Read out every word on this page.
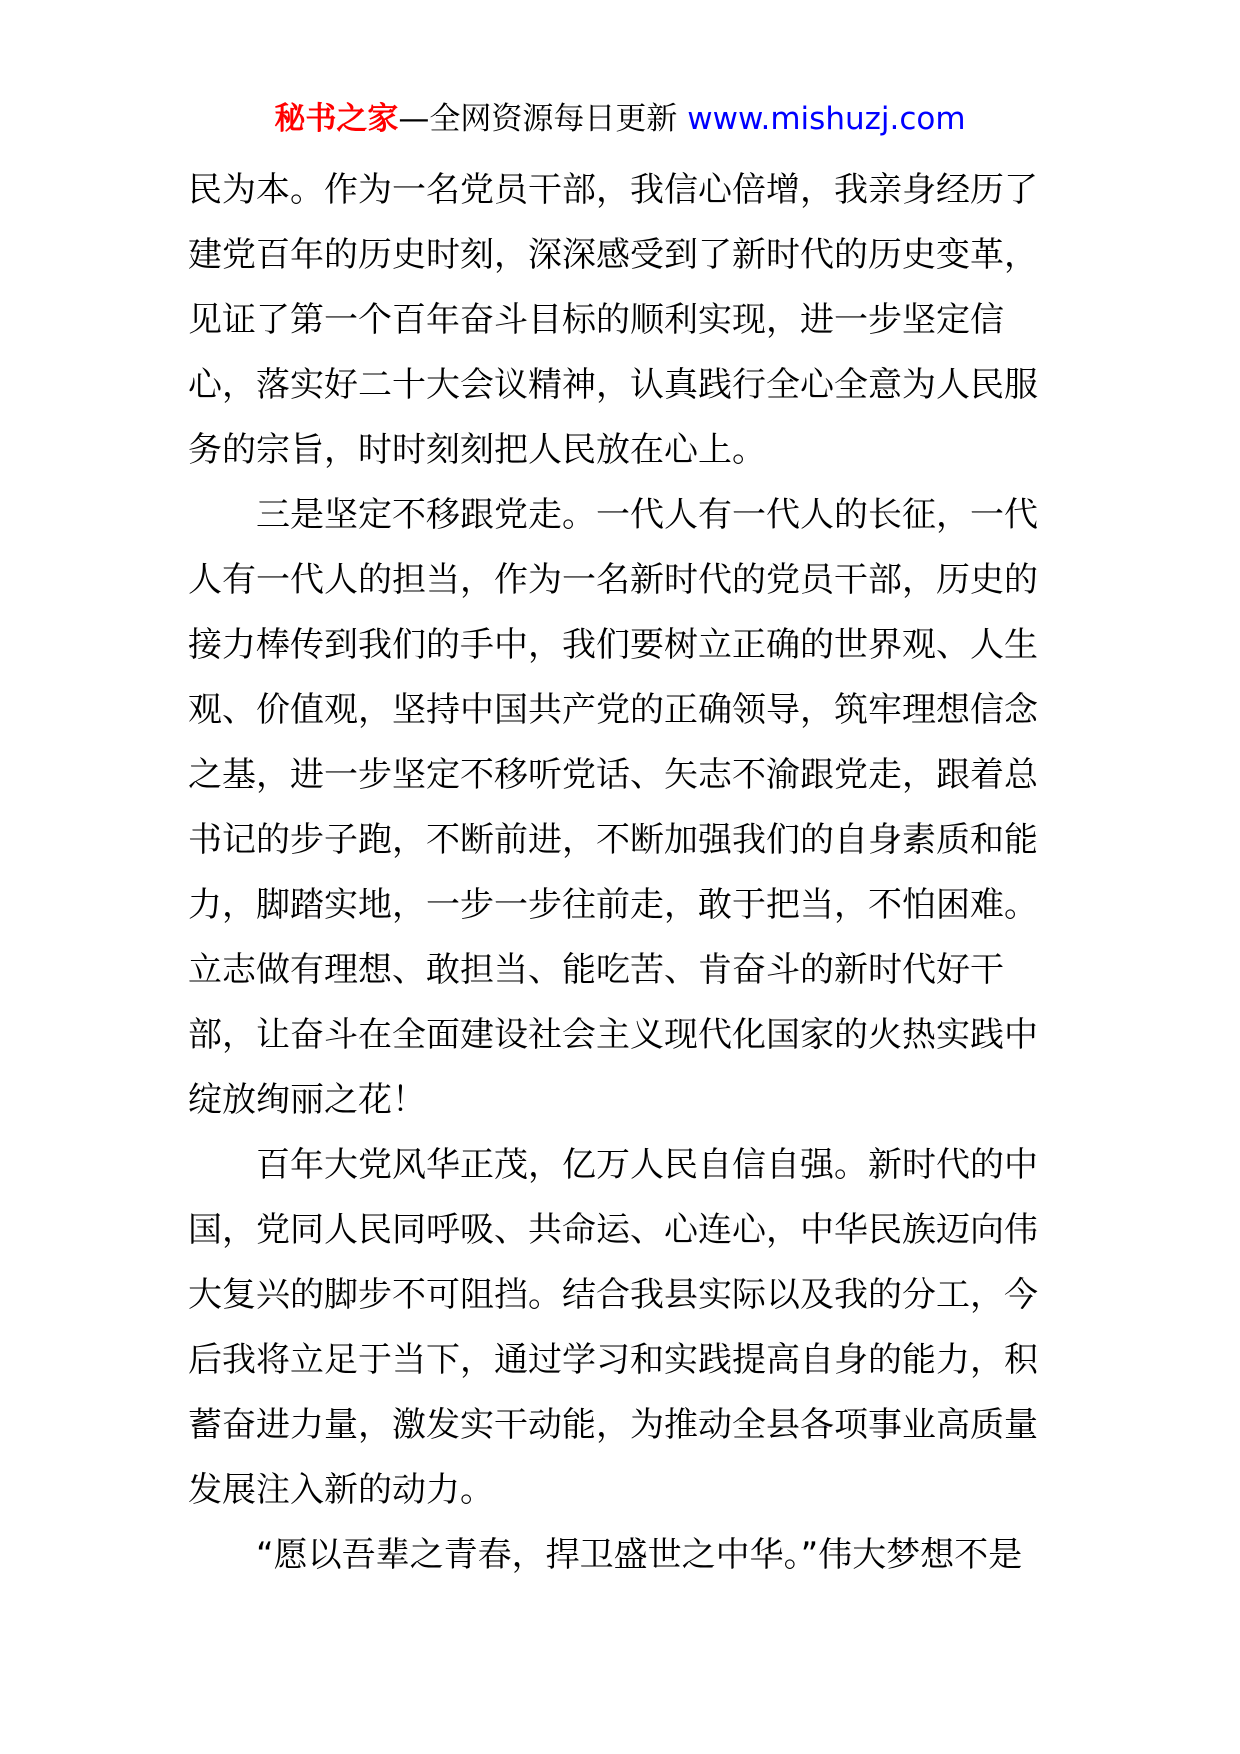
秘书之家—全网资源每日更新 www.mishuzj.com
民为本。作为一名党员干部，我信心倍增，我亲身经历了
建党百年的历史时刻，深深感受到了新时代的历史变革，
见证了第一个百年奋斗目标的顺利实现，进一步坚定信
心，落实好二十大会议精神，认真践行全心全意为人民服
务的宗旨，时时刻刻把人民放在心上。
三是坚定不移跟党走。一代人有一代人的长征，一代
人有一代人的担当，作为一名新时代的党员干部，历史的
接力棒传到我们的手中，我们要树立正确的世界观、人生
观、价值观，坚持中国共产党的正确领导，筑牢理想信念
之基，进一步坚定不移听党话、矢志不渝跟党走，跟着总
书记的步子跑，不断前进，不断加强我们的自身素质和能
力，脚踏实地，一步一步往前走，敢于把当，不怕困难。
立志做有理想、敢担当、能吃苦、肯奋斗的新时代好干
部，让奋斗在全面建设社会主义现代化国家的火热实践中
绽放绚丽之花！
百年大党风华正茂，亿万人民自信自强。新时代的中
国，党同人民同呼吸、共命运、心连心，中华民族迈向伟
大复兴的脚步不可阻挡。结合我县实际以及我的分工，今
后我将立足于当下，通过学习和实践提高自身的能力，积
蓄奋进力量，激发实干动能，为推动全县各项事业高质量
发展注入新的动力。
“愿以吾辈之青春，捍卫盛世之中华。”伟大梦想不是
